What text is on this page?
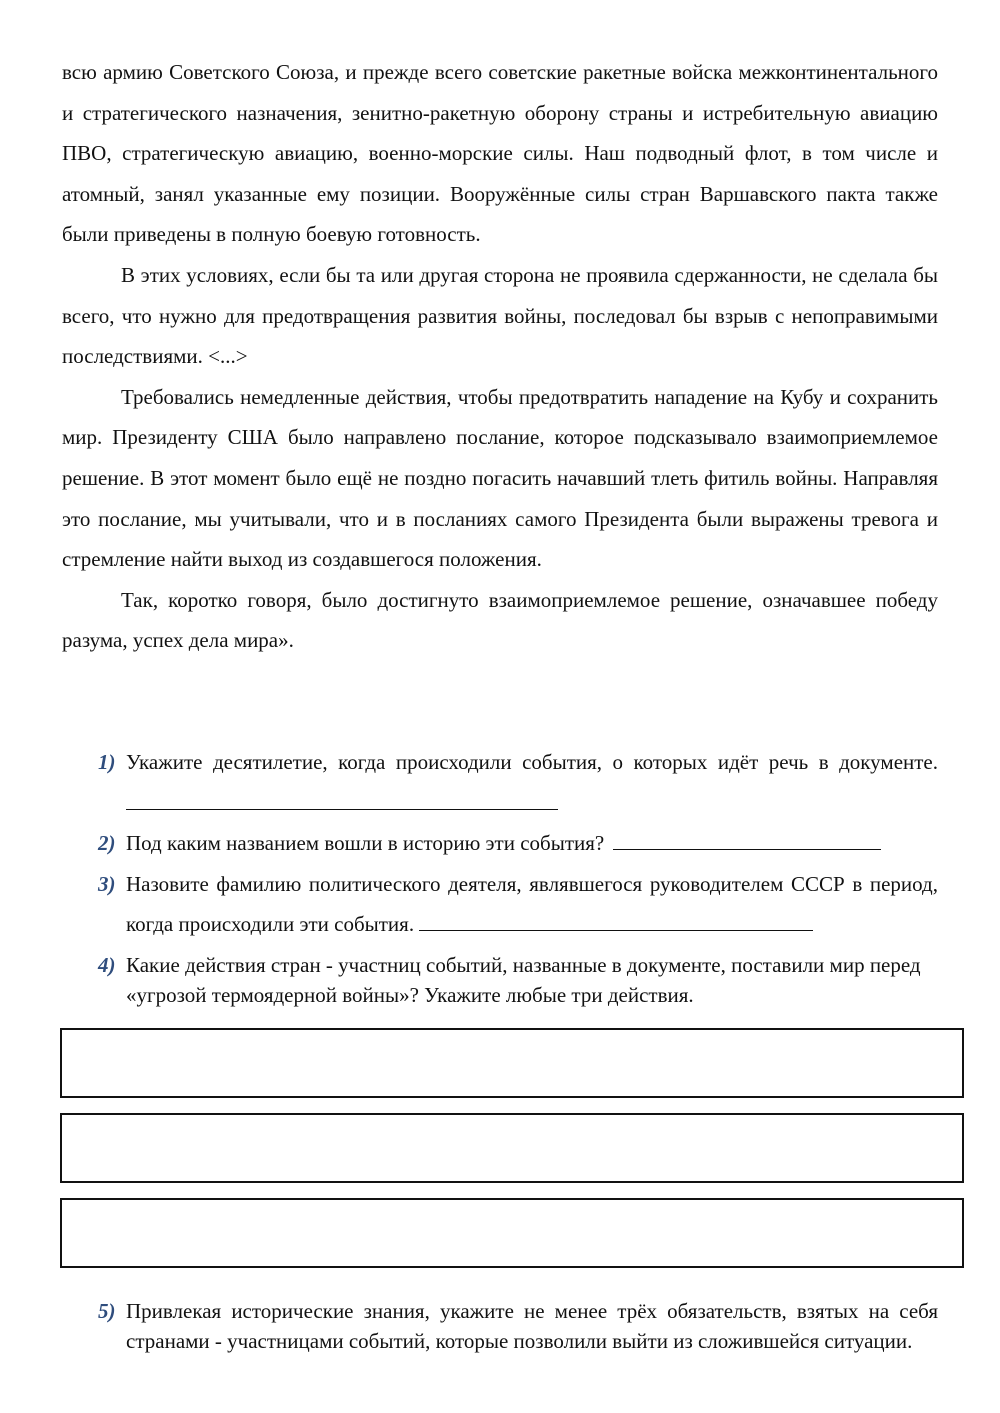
всю армию Советского Союза, и прежде всего советские ракетные войска межконтинентального и стратегического назначения, зенитно-ракетную оборону страны и истребительную авиацию ПВО, стратегическую авиацию, военно-морские силы. Наш подводный флот, в том числе и атомный, занял указанные ему позиции. Вооружённые силы стран Варшавского пакта также были приведены в полную боевую готовность.

В этих условиях, если бы та или другая сторона не проявила сдержанности, не сделала бы всего, что нужно для предотвращения развития войны, последовал бы взрыв с непоправимыми последствиями. <...>

Требовались немедленные действия, чтобы предотвратить нападение на Кубу и сохранить мир. Президенту США было направлено послание, которое подсказывало взаимоприемлемое решение. В этот момент было ещё не поздно погасить начавший тлеть фитиль войны. Направляя это послание, мы учитывали, что и в посланиях самого Президента были выражены тревога и стремление найти выход из создавшегося положения.

Так, коротко говоря, было достигнуто взаимоприемлемое решение, означавшее победу разума, успех дела мира».

1) Укажите десятилетие, когда происходили события, о которых идёт речь в документе.

2) Под каким названием вошли в историю эти события?

3) Назовите фамилию политического деятеля, являвшегося руководителем СССР в период, когда происходили эти события.

4) Какие действия стран - участниц событий, названные в документе, поставили мир перед «угрозой термоядерной войны»? Укажите любые три действия.

5) Привлекая исторические знания, укажите не менее трёх обязательств, взятых на себя странами - участницами событий, которые позволили выйти из сложившейся ситуации.
